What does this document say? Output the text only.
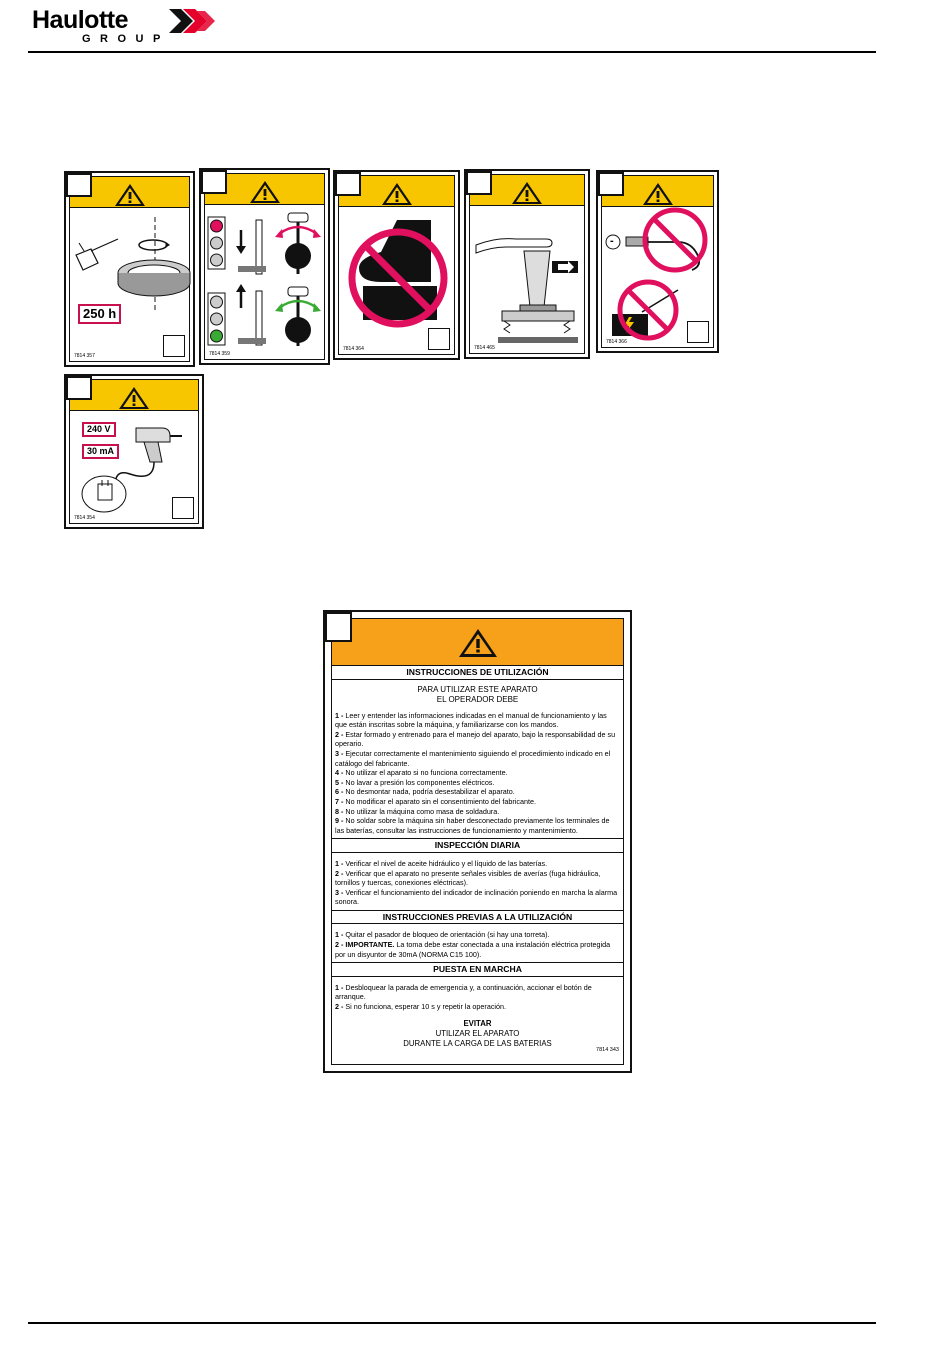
Haulotte
GROUP
250 h
7814 357	7814 359
7814 364	7814 465
-
7814 366
240 V
30 mA
7814 354
INSTRUCCIONES DE UTILIZACIÓN
PARA UTILIZAR ESTE APARATO
EL OPERADOR DEBE

1 - Leer y entender las informaciones indicadas en el manual de funcionamiento y las que están inscritas sobre la máquina, y familiarizarse con los mandos.

2 - Estar formado y entrenado para el manejo del aparato, bajo la responsabilidad de su operario.

3 - Ejecutar correctamente el mantenimiento siguiendo el procedimiento indicado en el catálogo del fabricante.

4 - No utilizar el aparato si no funciona correctamente.

5 - No lavar a presión los componentes eléctricos.

6 - No desmontar nada, podría desestabilizar el aparato.

7 - No modificar el aparato sin el consentimiento del fabricante.

8 - No utilizar la máquina como masa de soldadura.

9 - No soldar sobre la máquina sin haber desconectado previamente los terminales de las baterías, consultar las instrucciones de funcionamiento y mantenimiento.

INSPECCIÓN DIARIA

1 - Verificar el nivel de aceite hidráulico y el líquido de las baterías.

2 - Verificar que el aparato no presente señales visibles de averías (fuga hidráulica, tornillos y tuercas, conexiones eléctricas).

3 - Verificar el funcionamiento del indicador de inclinación poniendo en marcha la alarma sonora.

INSTRUCCIONES PREVIAS A LA UTILIZACIÓN

1 - Quitar el pasador de bloqueo de orientación (si hay una torreta).

2 - IMPORTANTE. La toma debe estar conectada a una instalación eléctrica protegida por un disyuntor de 30mA (NORMA C15 100).

PUESTA EN MARCHA

1 - Desbloquear la parada de emergencia y, a continuación, accionar el botón de arranque.

2 - Si no funciona, esperar 10 s y repetir la operación.

EVITAR
UTILIZAR EL APARATO
DURANTE LA CARGA DE LAS BATERIAS
7814 343
